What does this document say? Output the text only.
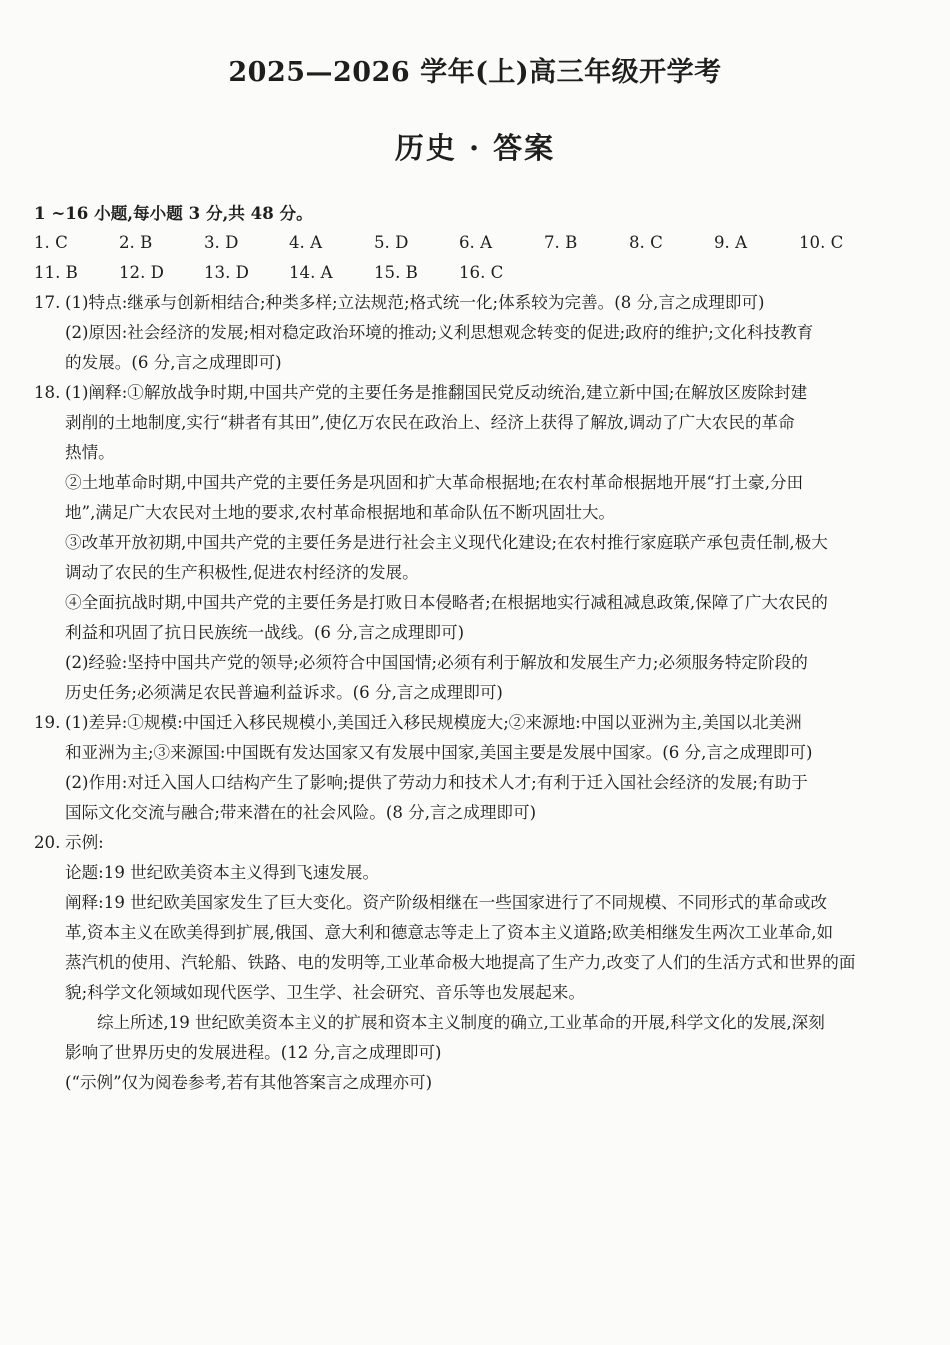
2025—2026 学年(上)高三年级开学考
历史 · 答案
1 ~16 小题,每小题 3 分,共 48 分。
1. C	2. B	3. D	4. A	5. D	6. A	7. B	8. C	9. A	10. C
11. B	12. D	13. D	14. A	15. B	16. C
17. (1)特点:继承与创新相结合;种类多样;立法规范;格式统一化;体系较为完善。(8 分,言之成理即可)
(2)原因:社会经济的发展;相对稳定政治环境的推动;义利思想观念转变的促进;政府的维护;文化科技教育
的发展。(6 分,言之成理即可)
18. (1)阐释:①解放战争时期,中国共产党的主要任务是推翻国民党反动统治,建立新中国;在解放区废除封建
剥削的土地制度,实行“耕者有其田”,使亿万农民在政治上、经济上获得了解放,调动了广大农民的革命
热情。
②土地革命时期,中国共产党的主要任务是巩固和扩大革命根据地;在农村革命根据地开展“打土豪,分田
地”,满足广大农民对土地的要求,农村革命根据地和革命队伍不断巩固壮大。
③改革开放初期,中国共产党的主要任务是进行社会主义现代化建设;在农村推行家庭联产承包责任制,极大
调动了农民的生产积极性,促进农村经济的发展。
④全面抗战时期,中国共产党的主要任务是打败日本侵略者;在根据地实行减租减息政策,保障了广大农民的
利益和巩固了抗日民族统一战线。(6 分,言之成理即可)
(2)经验:坚持中国共产党的领导;必须符合中国国情;必须有利于解放和发展生产力;必须服务特定阶段的
历史任务;必须满足农民普遍利益诉求。(6 分,言之成理即可)
19. (1)差异:①规模:中国迁入移民规模小,美国迁入移民规模庞大;②来源地:中国以亚洲为主,美国以北美洲
和亚洲为主;③来源国:中国既有发达国家又有发展中国家,美国主要是发展中国家。(6 分,言之成理即可)
(2)作用:对迁入国人口结构产生了影响;提供了劳动力和技术人才;有利于迁入国社会经济的发展;有助于
国际文化交流与融合;带来潜在的社会风险。(8 分,言之成理即可)
20. 示例:
论题:19 世纪欧美资本主义得到飞速发展。
阐释:19 世纪欧美国家发生了巨大变化。资产阶级相继在一些国家进行了不同规模、不同形式的革命或改
革,资本主义在欧美得到扩展,俄国、意大利和德意志等走上了资本主义道路;欧美相继发生两次工业革命,如
蒸汽机的使用、汽轮船、铁路、电的发明等,工业革命极大地提高了生产力,改变了人们的生活方式和世界的面
貌;科学文化领域如现代医学、卫生学、社会研究、音乐等也发展起来。
综上所述,19 世纪欧美资本主义的扩展和资本主义制度的确立,工业革命的开展,科学文化的发展,深刻
影响了世界历史的发展进程。(12 分,言之成理即可)
(“示例”仅为阅卷参考,若有其他答案言之成理亦可)
